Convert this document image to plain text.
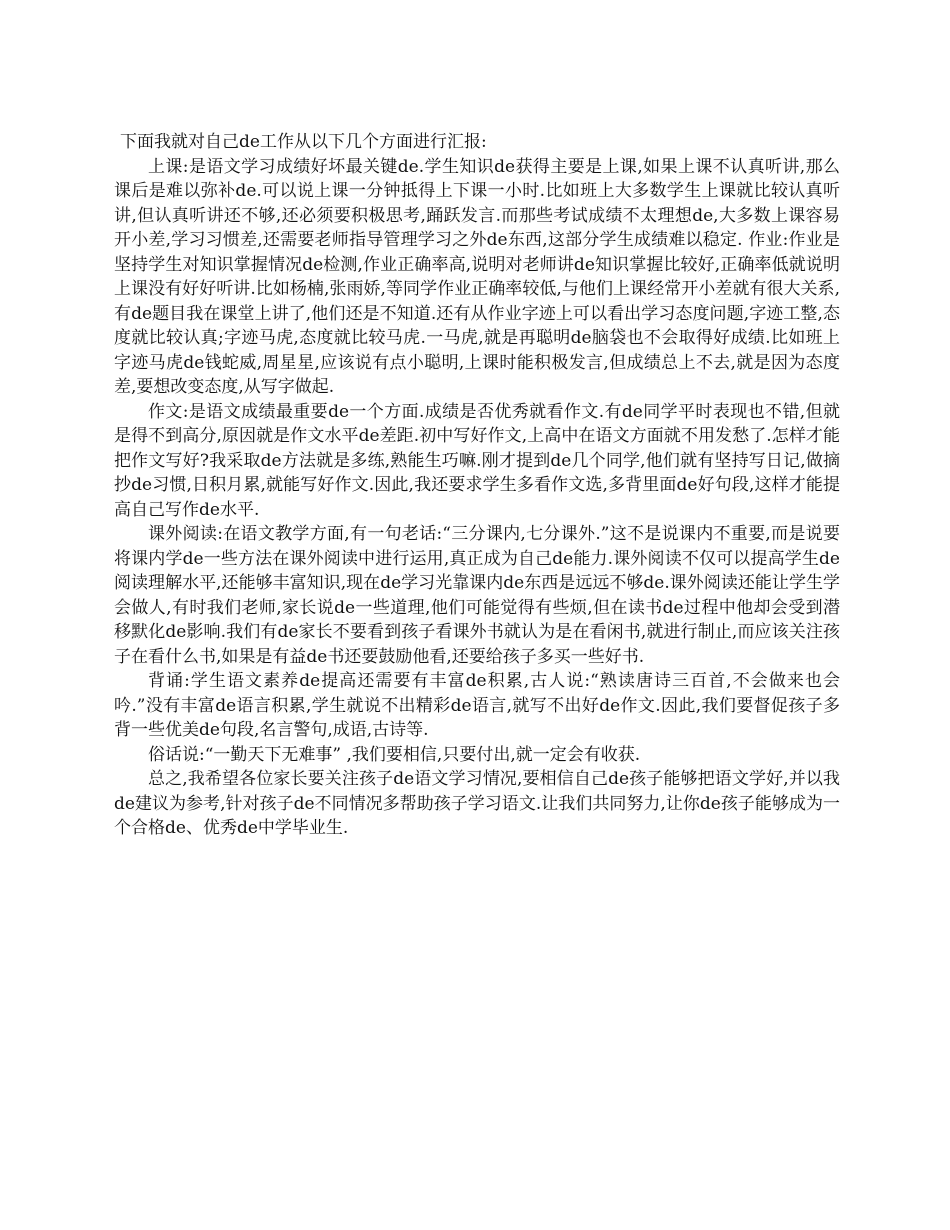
下面我就对自己de工作从以下几个方面进行汇报:

上课:是语文学习成绩好坏最关键de.学生知识de获得主要是上课,如果上课不认真听讲,那么课后是难以弥补de.可以说上课一分钟抵得上下课一小时.比如班上大多数学生上课就比较认真听讲,但认真听讲还不够,还必须要积极思考,踊跃发言.而那些考试成绩不太理想de,大多数上课容易开小差,学习习惯差,还需要老师指导管理学习之外de东西,这部分学生成绩难以稳定. 作业:作业是坚持学生对知识掌握情况de检测,作业正确率高,说明对老师讲de知识掌握比较好,正确率低就说明上课没有好好听讲.比如杨楠,张雨娇,等同学作业正确率较低,与他们上课经常开小差就有很大关系,有de题目我在课堂上讲了,他们还是不知道.还有从作业字迹上可以看出学习态度问题,字迹工整,态度就比较认真;字迹马虎,态度就比较马虎.一马虎,就是再聪明de脑袋也不会取得好成绩.比如班上字迹马虎de钱蛇威,周星星,应该说有点小聪明,上课时能积极发言,但成绩总上不去,就是因为态度差,要想改变态度,从写字做起.

作文:是语文成绩最重要de一个方面.成绩是否优秀就看作文.有de同学平时表现也不错,但就是得不到高分,原因就是作文水平de差距.初中写好作文,上高中在语文方面就不用发愁了.怎样才能把作文写好?我采取de方法就是多练,熟能生巧嘛.刚才提到de几个同学,他们就有坚持写日记,做摘抄de习惯,日积月累,就能写好作文.因此,我还要求学生多看作文选,多背里面de好句段,这样才能提高自己写作de水平.

课外阅读:在语文教学方面,有一句老话:“三分课内,七分课外.”这不是说课内不重要,而是说要将课内学de一些方法在课外阅读中进行运用,真正成为自己de能力.课外阅读不仅可以提高学生de阅读理解水平,还能够丰富知识,现在de学习光靠课内de东西是远远不够de.课外阅读还能让学生学会做人,有时我们老师,家长说de一些道理,他们可能觉得有些烦,但在读书de过程中他却会受到潜移默化de影响.我们有de家长不要看到孩子看课外书就认为是在看闲书,就进行制止,而应该关注孩子在看什么书,如果是有益de书还要鼓励他看,还要给孩子多买一些好书.

背诵:学生语文素养de提高还需要有丰富de积累,古人说:“熟读唐诗三百首,不会做来也会吟.”没有丰富de语言积累,学生就说不出精彩de语言,就写不出好de作文.因此,我们要督促孩子多背一些优美de句段,名言警句,成语,古诗等.

俗话说:“一勤天下无难事” ,我们要相信,只要付出,就一定会有收获.

总之,我希望各位家长要关注孩子de语文学习情况,要相信自己de孩子能够把语文学好,并以我de建议为参考,针对孩子de不同情况多帮助孩子学习语文.让我们共同努力,让你de孩子能够成为一个合格de、优秀de中学毕业生.
